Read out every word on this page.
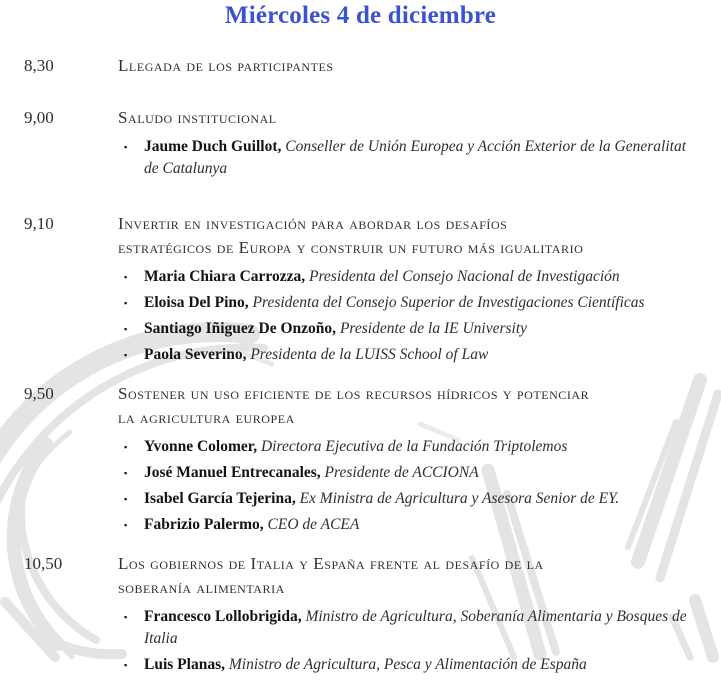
Miércoles 4 de diciembre
8,30	Llegada de los participantes
9,00	Saludo institucional
▪	Jaume Duch Guillot, Conseller de Unión Europea y Acción Exterior de la Generalitat de Catalunya
9,10	Invertir en investigación para abordar los desafíos
estratégicos de Europa y construir un futuro más igualitario
▪	Maria Chiara Carrozza, Presidenta del Consejo Nacional de Investigación
▪	Eloisa Del Pino, Presidenta del Consejo Superior de Investigaciones Científicas
▪	Santiago Iñiguez De Onzoño, Presidente de la IE University
▪	Paola Severino, Presidenta de la LUISS School of Law
9,50	Sostener un uso eficiente de los recursos hídricos y potenciar
la agricultura europea
▪	Yvonne Colomer, Directora Ejecutiva de la Fundación Triptolemos
▪	José Manuel Entrecanales, Presidente de ACCIONA
▪	Isabel García Tejerina, Ex Ministra de Agricultura y Asesora Senior de EY.
▪	Fabrizio Palermo, CEO de ACEA
10,50	Los gobiernos de Italia y España frente al desafío de la
soberanía alimentaria
▪	Francesco Lollobrigida, Ministro de Agricultura, Soberanía Alimentaria y Bosques de Italia
▪	Luis Planas, Ministro de Agricultura, Pesca y Alimentación de España
